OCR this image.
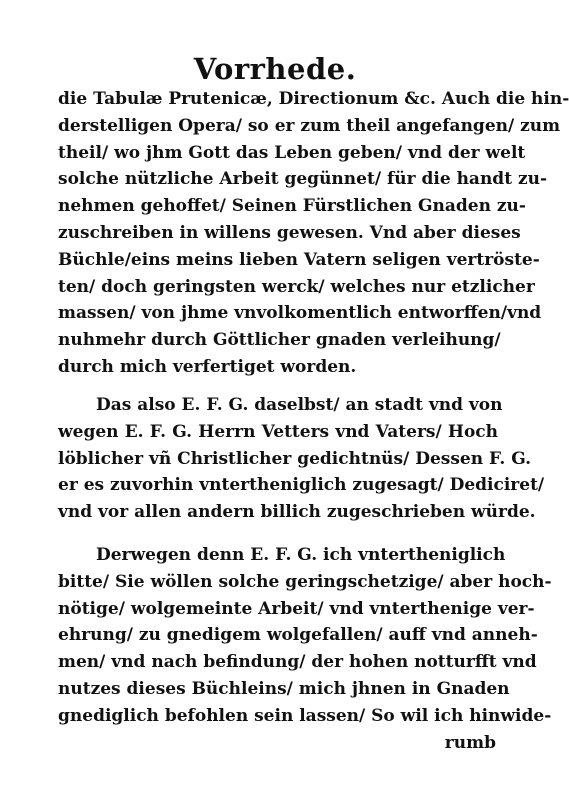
Vorrhede.
die Tabulæ Prutenicæ, Directionum &c. Auch die hin-
derstelligen Opera/ so er zum theil angefangen/ zum
theil/ wo jhm Gott das Leben geben/ vnd der welt
solche nützliche Arbeit gegünnet/ für die handt zu-
nehmen gehoffet/ Seinen Fürstlichen Gnaden zu-
zuschreiben in willens gewesen. Vnd aber dieses
Büchle/eins meins lieben Vatern seligen vertröste-
ten/ doch geringsten werck/ welches nur etzlicher
massen/ von jhme vnvolkomentlich entworffen/vnd
nuhmehr durch Göttlicher gnaden verleihung/
durch mich verfertiget worden.
Das also E. F. G. daselbst/ an stadt vnd von
wegen E. F. G. Herrn Vetters vnd Vaters/ Hoch
löblicher vñ Christlicher gedichtnüs/ Dessen F. G.
er es zuvorhin vntertheniglich zugesagt/ Dediciret/
vnd vor allen andern billich zugeschrieben würde.
Derwegen denn E. F. G. ich vntertheniglich
bitte/ Sie wöllen solche geringschetzige/ aber hoch-
nötige/ wolgemeinte Arbeit/ vnd vnterthenige ver-
ehrung/ zu gnedigem wolgefallen/ auff vnd anneh-
men/ vnd nach befindung/ der hohen notturfft vnd
nutzes dieses Büchleins/ mich jhnen in Gnaden
gnediglich befohlen sein lassen/ So wil ich hinwide-
rumb
